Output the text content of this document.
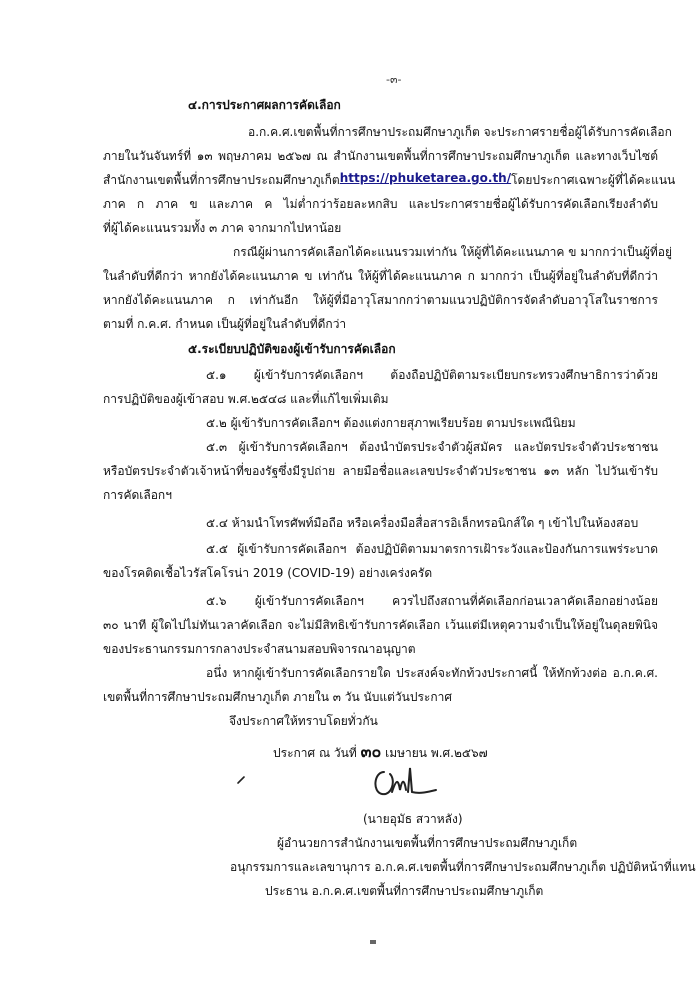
-๓-
๔.การประกาศผลการคัดเลือก
อ.ก.ค.ศ.เขตพื้นที่การศึกษาประถมศึกษาภูเก็ต จะประกาศรายชื่อผู้ได้รับการคัดเลือก
ภายในวันจันทร์ที่ ๑๓ พฤษภาคม ๒๕๖๗ ณ สำนักงานเขตพื้นที่การศึกษาประถมศึกษาภูเก็ต และทางเว็บไซต์
สำนักงานเขตพื้นที่การศึกษาประถมศึกษาภูเก็ต https://phuketarea.go.th/ โดยประกาศเฉพาะผู้ที่ได้คะแนน
ภาค ก ภาค ข และภาค ค ไม่ต่ำกว่าร้อยละหกสิบ และประกาศรายชื่อผู้ได้รับการคัดเลือกเรียงลำดับ
ที่ผู้ได้คะแนนรวมทั้ง ๓ ภาค จากมากไปหาน้อย
กรณีผู้ผ่านการคัดเลือกได้คะแนนรวมเท่ากัน ให้ผู้ที่ได้คะแนนภาค ข มากกว่าเป็นผู้ที่อยู่
ในลำดับที่ดีกว่า หากยังได้คะแนนภาค ข เท่ากัน ให้ผู้ที่ได้คะแนนภาค ก มากกว่า เป็นผู้ที่อยู่ในลำดับที่ดีกว่า
หากยังได้คะแนนภาค ก เท่ากันอีก ให้ผู้ที่มีอาวุโสมากกว่าตามแนวปฏิบัติการจัดลำดับอาวุโสในราชการ
ตามที่ ก.ค.ศ. กำหนด เป็นผู้ที่อยู่ในลำดับที่ดีกว่า
๕.ระเบียบปฏิบัติของผู้เข้ารับการคัดเลือก
๕.๑ ผู้เข้ารับการคัดเลือกฯ ต้องถือปฏิบัติตามระเบียบกระทรวงศึกษาธิการว่าด้วย
การปฏิบัติของผู้เข้าสอบ พ.ศ.๒๕๔๘ และที่แก้ไขเพิ่มเติม
๕.๒ ผู้เข้ารับการคัดเลือกฯ ต้องแต่งกายสุภาพเรียบร้อย ตามประเพณีนิยม
๕.๓ ผู้เข้ารับการคัดเลือกฯ ต้องนำบัตรประจำตัวผู้สมัคร และบัตรประจำตัวประชาชน
หรือบัตรประจำตัวเจ้าหน้าที่ของรัฐซึ่งมีรูปถ่าย ลายมือชื่อและเลขประจำตัวประชาชน ๑๓ หลัก ไปวันเข้ารับ
การคัดเลือกฯ
๕.๔ ห้ามนำโทรศัพท์มือถือ หรือเครื่องมือสื่อสารอิเล็กทรอนิกส์ใด ๆ เข้าไปในห้องสอบ
๕.๕ ผู้เข้ารับการคัดเลือกฯ ต้องปฏิบัติตามมาตรการเฝ้าระวังและป้องกันการแพร่ระบาด
ของโรคติดเชื้อไวรัสโคโรน่า 2019 (COVID-19) อย่างเคร่งครัด
๕.๖ ผู้เข้ารับการคัดเลือกฯ ควรไปถึงสถานที่คัดเลือกก่อนเวลาคัดเลือกอย่างน้อย
๓๐ นาที ผู้ใดไปไม่ทันเวลาคัดเลือก จะไม่มีสิทธิเข้ารับการคัดเลือก เว้นแต่มีเหตุความจำเป็นให้อยู่ในดุลยพินิจ
ของประธานกรรมการกลางประจำสนามสอบพิจารณาอนุญาต
อนึ่ง หากผู้เข้ารับการคัดเลือกรายใด ประสงค์จะทักท้วงประกาศนี้ ให้ทักท้วงต่อ อ.ก.ค.ศ.
เขตพื้นที่การศึกษาประถมศึกษาภูเก็ต ภายใน ๓ วัน นับแต่วันประกาศ
จึงประกาศให้ทราบโดยทั่วกัน
ประกาศ ณ วันที่ ๓๐ เมษายน พ.ศ.๒๕๖๗
(นายอุมัธ สวาหลัง)
ผู้อำนวยการสำนักงานเขตพื้นที่การศึกษาประถมศึกษาภูเก็ต
อนุกรรมการและเลขานุการ อ.ก.ค.ศ.เขตพื้นที่การศึกษาประถมศึกษาภูเก็ต ปฏิบัติหน้าที่แทน
ประธาน อ.ก.ค.ศ.เขตพื้นที่การศึกษาประถมศึกษาภูเก็ต
